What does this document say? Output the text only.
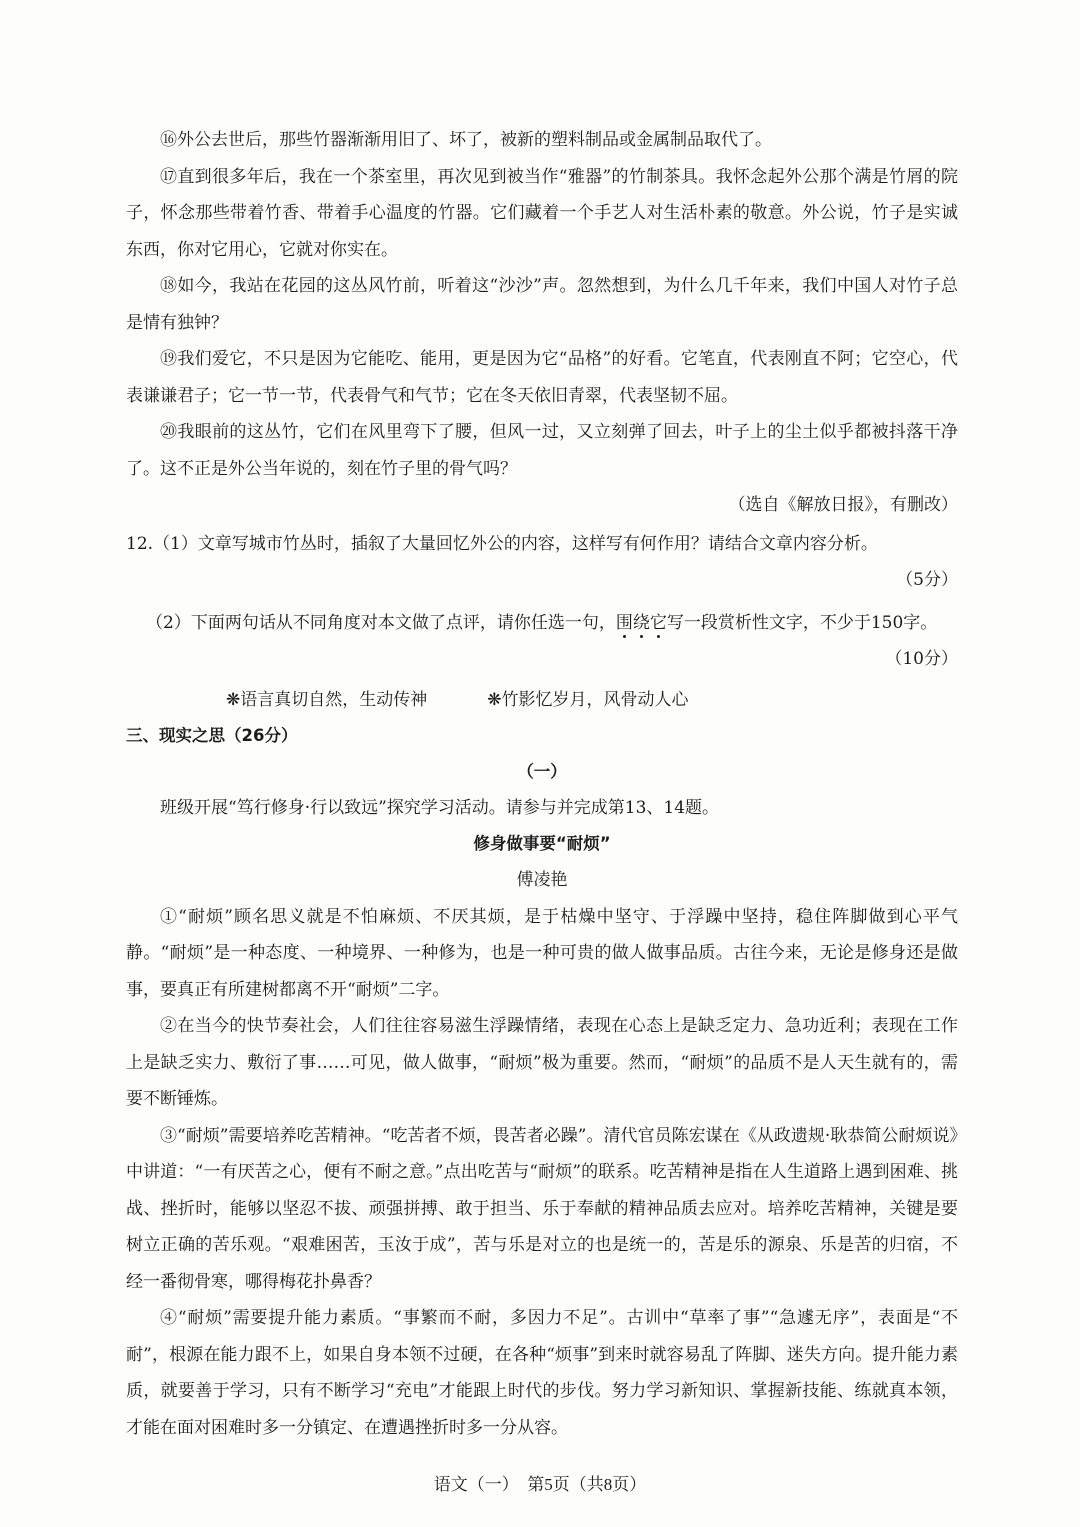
⑯外公去世后，那些竹器渐渐用旧了、坏了，被新的塑料制品或金属制品取代了。

⑰直到很多年后，我在一个茶室里，再次见到被当作“雅器”的竹制茶具。我怀念起外公那个满是竹屑的院子，怀念那些带着竹香、带着手心温度的竹器。它们藏着一个手艺人对生活朴素的敬意。外公说，竹子是实诚东西，你对它用心，它就对你实在。

⑱如今，我站在花园的这丛风竹前，听着这“沙沙”声。忽然想到，为什么几千年来，我们中国人对竹子总是情有独钟？

⑲我们爱它，不只是因为它能吃、能用，更是因为它“品格”的好看。它笔直，代表刚直不阿；它空心，代表谦谦君子；它一节一节，代表骨气和气节；它在冬天依旧青翠，代表坚韧不屈。

⑳我眼前的这丛竹，它们在风里弯下了腰，但风一过，又立刻弹了回去，叶子上的尘土似乎都被抖落干净了。这不正是外公当年说的，刻在竹子里的骨气吗？

（选自《解放日报》，有删改）

12.（1）文章写城市竹丛时，插叙了大量回忆外公的内容，这样写有何作用？请结合文章内容分析。

（5分）

（2）下面两句话从不同角度对本文做了点评，请你任选一句，围绕它写一段赏析性文字，不少于150字。

（10分）

❋语言真切自然，生动传神	❋竹影忆岁月，风骨动人心

三、现实之思（26分）

（一）

班级开展“笃行修身·行以致远”探究学习活动。请参与并完成第13、14题。

修身做事要“耐烦”

傅凌艳

①“耐烦”顾名思义就是不怕麻烦、不厌其烦，是于枯燥中坚守、于浮躁中坚持，稳住阵脚做到心平气静。“耐烦”是一种态度、一种境界、一种修为，也是一种可贵的做人做事品质。古往今来，无论是修身还是做事，要真正有所建树都离不开“耐烦”二字。

②在当今的快节奏社会，人们往往容易滋生浮躁情绪，表现在心态上是缺乏定力、急功近利；表现在工作上是缺乏实力、敷衍了事……可见，做人做事，“耐烦”极为重要。然而，“耐烦”的品质不是人天生就有的，需要不断锤炼。

③“耐烦”需要培养吃苦精神。“吃苦者不烦，畏苦者必躁”。清代官员陈宏谋在《从政遗规·耿恭简公耐烦说》中讲道：“一有厌苦之心，便有不耐之意。”点出吃苦与“耐烦”的联系。吃苦精神是指在人生道路上遇到困难、挑战、挫折时，能够以坚忍不拔、顽强拼搏、敢于担当、乐于奉献的精神品质去应对。培养吃苦精神，关键是要树立正确的苦乐观。“艰难困苦，玉汝于成”，苦与乐是对立的也是统一的，苦是乐的源泉、乐是苦的归宿，不经一番彻骨寒，哪得梅花扑鼻香？

④“耐烦”需要提升能力素质。“事繁而不耐，多因力不足”。古训中“草率了事”“急遽无序”，表面是“不耐”，根源在能力跟不上，如果自身本领不过硬，在各种“烦事”到来时就容易乱了阵脚、迷失方向。提升能力素质，就要善于学习，只有不断学习“充电”才能跟上时代的步伐。努力学习新知识、掌握新技能、练就真本领，才能在面对困难时多一分镇定、在遭遇挫折时多一分从容。

语文（一）　第5页（共8页）
